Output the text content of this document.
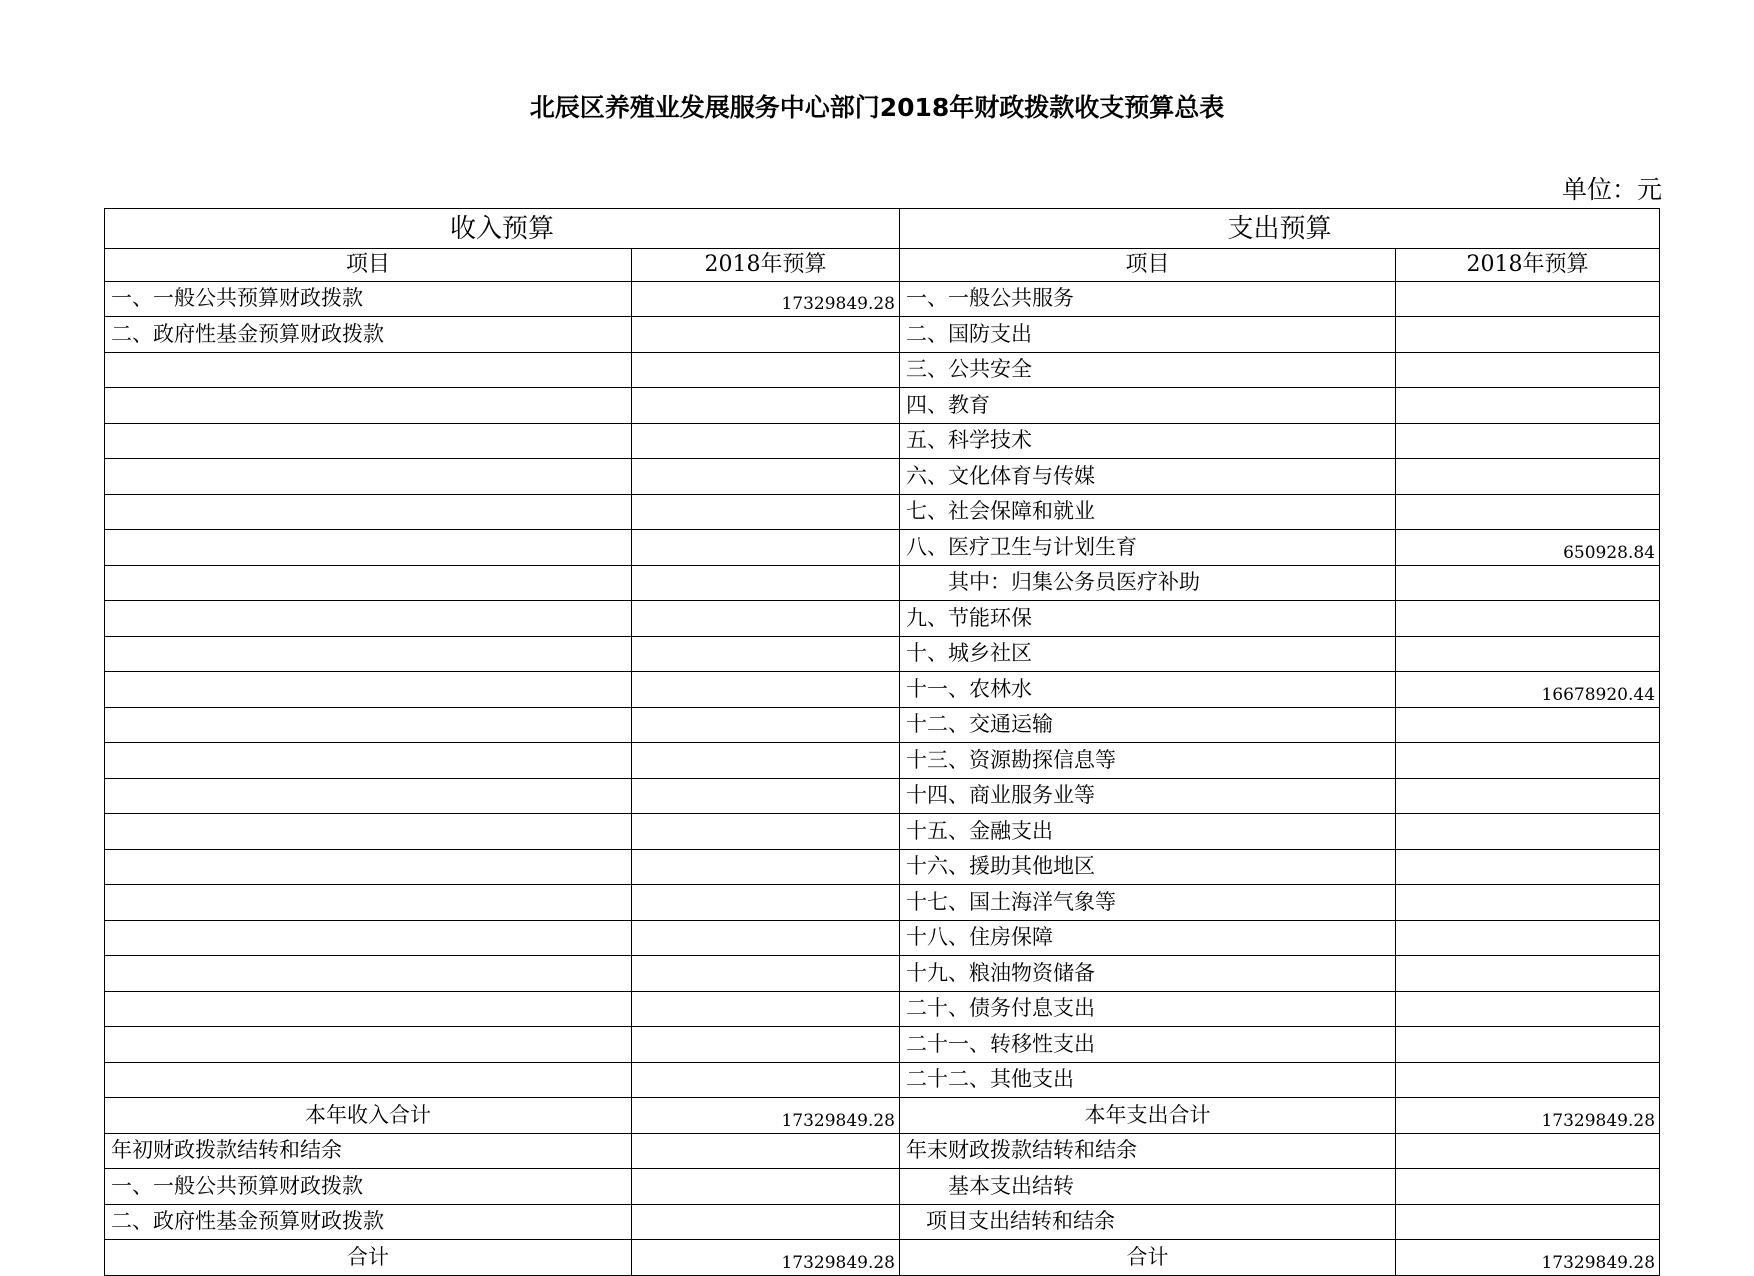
北辰区养殖业发展服务中心部门2018年财政拨款收支预算总表
单位：元
收入预算		支出预算	
项目	2018年预算	项目	2018年预算
一、一般公共预算财政拨款	17329849.28	一、一般公共服务	
二、政府性基金预算财政拨款		二、国防支出	
		三、公共安全	
		四、教育	
		五、科学技术	
		六、文化体育与传媒	
		七、社会保障和就业	
		八、医疗卫生与计划生育	650928.84
		其中：归集公务员医疗补助	
		九、节能环保	
		十、城乡社区	
		十一、农林水	16678920.44
		十二、交通运输	
		十三、资源勘探信息等	
		十四、商业服务业等	
		十五、金融支出	
		十六、援助其他地区	
		十七、国土海洋气象等	
		十八、住房保障	
		十九、粮油物资储备	
		二十、债务付息支出	
		二十一、转移性支出	
		二十二、其他支出	
本年收入合计	17329849.28	本年支出合计	17329849.28
年初财政拨款结转和结余		年末财政拨款结转和结余	
一、一般公共预算财政拨款		基本支出结转	
二、政府性基金预算财政拨款		项目支出结转和结余	
合计	17329849.28	合计	17329849.28
